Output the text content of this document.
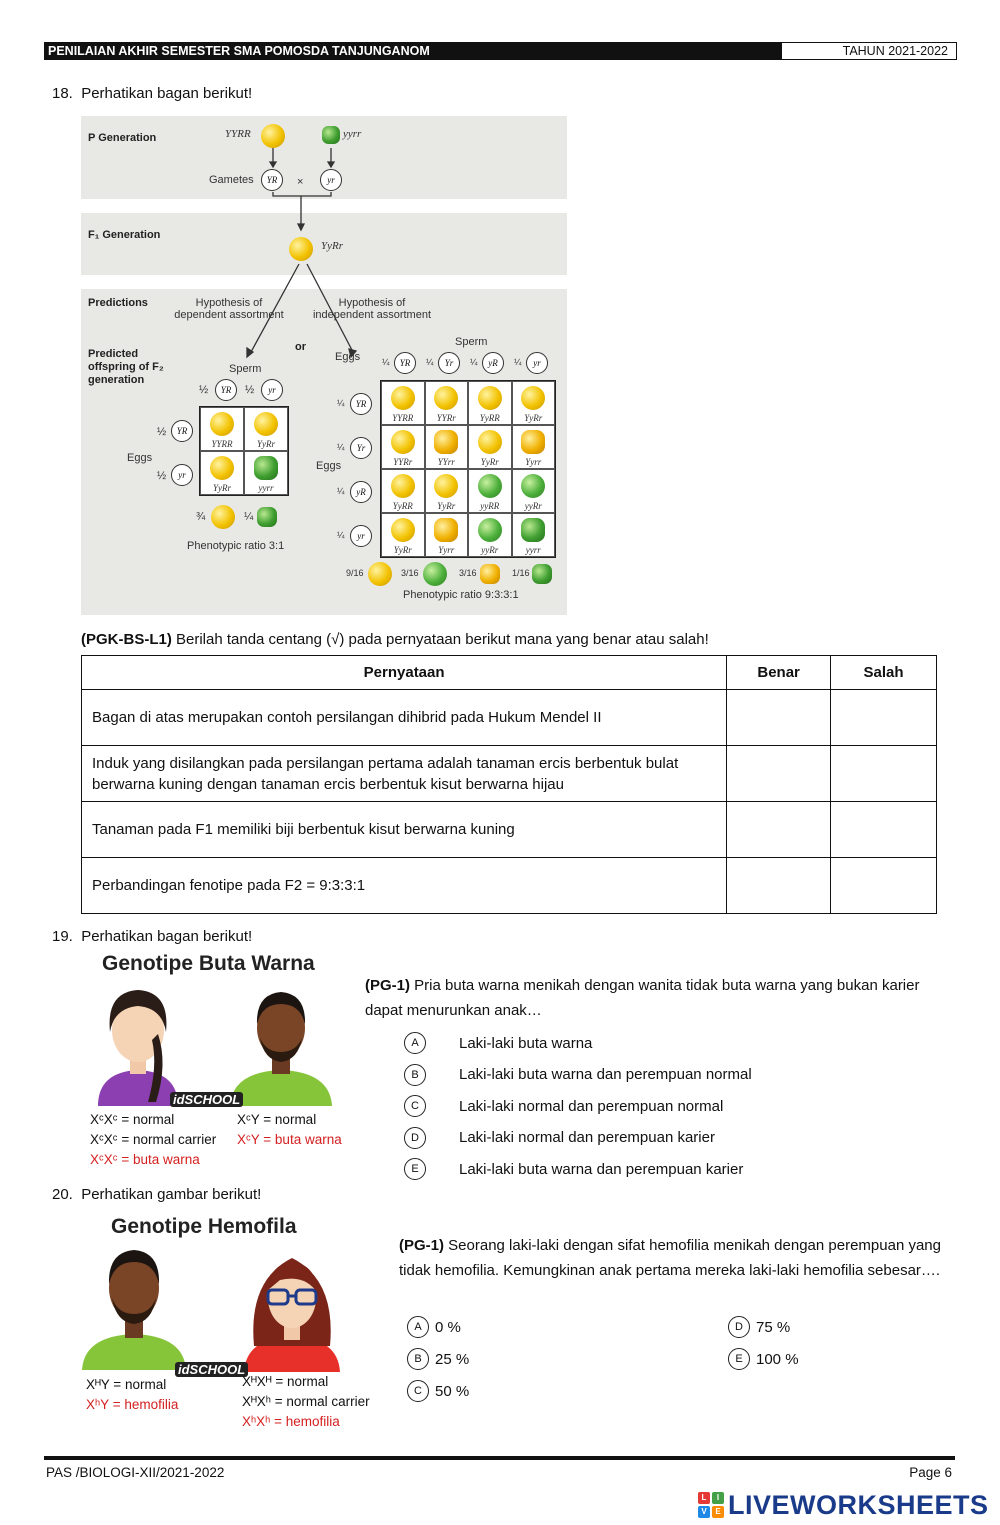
PENILAIAN AKHIR SEMESTER SMA POMOSDA TANJUNGANOM	TAHUN 2021-2022
18. Perhatikan bagan berikut!
P Generation	YYRR	yyrr
Gametes	YR	×	yr
F₁ Generation
YyRr
Predictions	Hypothesis of dependent assortment
Hypothesis of independent assortment
or
Predicted offspring of F₂ generation
Sperm
½	YR	½	yr
Eggs
½	YR
½	yr
YYRR	YyRr
YyRr	yyrr
¾	¼
Phenotypic ratio 3:1
Sperm
Eggs
YYRR	YYRr	YyRR	YyRr
YYRr	YYrr	YyRr	Yyrr
YyRR	YyRr	yyRR	yyRr
YyRr	Yyrr	yyRr	yyrr
Eggs
Phenotypic ratio 9:3:3:1
9/16	3/16	3/16	1/16
¼	YR
¼	YR
¼	Yr
¼	Yr
¼	yR
¼	yR
¼	yr
¼	yr
(PGK-BS-L1) Berilah tanda centang (√) pada pernyataan berikut mana yang benar atau salah!
Pernyataan	Benar	Salah
Bagan di atas merupakan contoh persilangan dihibrid pada Hukum Mendel II		
Induk yang disilangkan pada persilangan pertama adalah tanaman ercis berbentuk bulat berwarna kuning dengan tanaman ercis berbentuk kisut berwarna hijau		
Tanaman pada F1 memiliki biji berbentuk kisut berwarna kuning		
Perbandingan fenotipe pada F2 = 9:3:3:1		
19. Perhatikan bagan berikut!
Genotipe Buta Warna
idSCHOOL
XᶜXᶜ = normal
XᶜXᶜ = normal carrier
XᶜXᶜ = buta warna
XᶜY = normal
XᶜY = buta warna
(PG-1) Pria buta warna menikah dengan wanita tidak buta warna yang bukan karier dapat menurunkan anak…
A	Laki-laki buta warna
B	Laki-laki buta warna dan perempuan normal
C	Laki-laki normal dan perempuan normal
D	Laki-laki normal dan perempuan karier
E	Laki-laki buta warna dan perempuan karier
20. Perhatikan gambar berikut!
Genotipe Hemofila
idSCHOOL
XᴴY = normal
XʰY = hemofilia
XᴴXᴴ = normal
XᴴXʰ = normal carrier
XʰXʰ = hemofilia
(PG-1) Seorang laki-laki dengan sifat hemofilia menikah dengan perempuan yang tidak hemofilia. Kemungkinan anak pertama mereka laki-laki hemofilia sebesar….
A 0 %
B 25 %
C 50 %
D 75 %
E 100 %
PAS /BIOLOGI-XII/2021-2022	Page 6
L	I
V	E LIVEWORKSHEETS
